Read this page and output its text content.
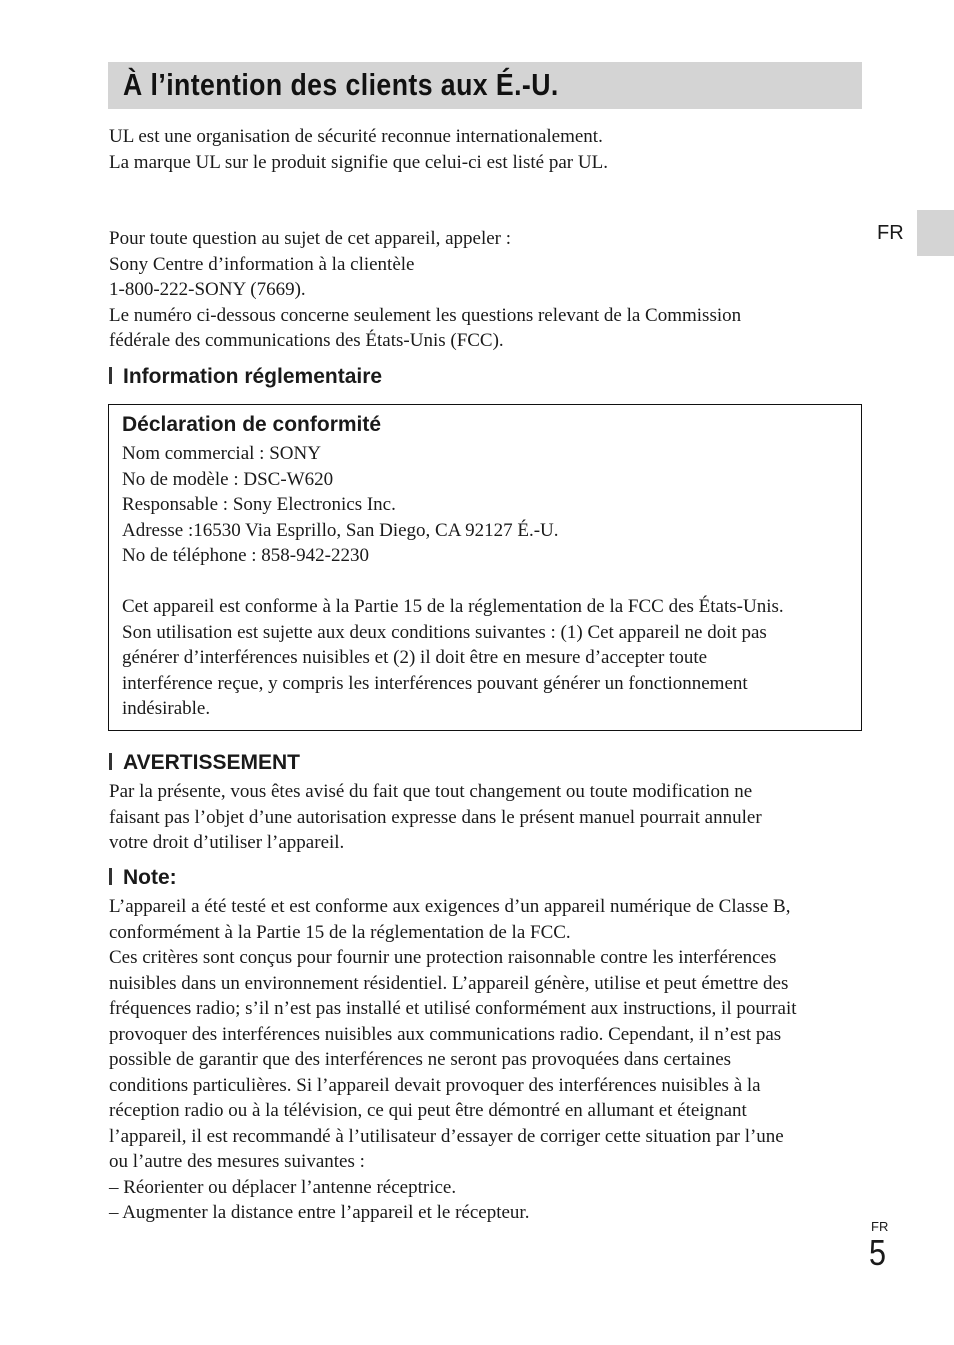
À l’intention des clients aux É.-U.
FR

UL est une organisation de sécurité reconnue internationalement.

La marque UL sur le produit signifie que celui-ci est listé par UL.

Pour toute question au sujet de cet appareil, appeler :

Sony Centre d’information à la clientèle

1-800-222-SONY (7669).

Le numéro ci-dessous concerne seulement les questions relevant de la Commission

fédérale des communications des États-Unis (FCC).

Information réglementaire
Déclaration de conformité

Nom commercial : SONY

No de modèle : DSC-W620

Responsable : Sony Electronics Inc.

Adresse :16530 Via Esprillo, San Diego, CA 92127 É.-U.

No de téléphone : 858-942-2230

Cet appareil est conforme à la Partie 15 de la réglementation de la FCC des États-Unis.

Son utilisation est sujette aux deux conditions suivantes : (1) Cet appareil ne doit pas

générer d’interférences nuisibles et (2) il doit être en mesure d’accepter toute

interférence reçue, y compris les interférences pouvant générer un fonctionnement

indésirable.

AVERTISSEMENT

Par la présente, vous êtes avisé du fait que tout changement ou toute modification ne

faisant pas l’objet d’une autorisation expresse dans le présent manuel pourrait annuler

votre droit d’utiliser l’appareil.

Note:

L’appareil a été testé et est conforme aux exigences d’un appareil numérique de Classe B,

conformément à la Partie 15 de la réglementation de la FCC.

Ces critères sont conçus pour fournir une protection raisonnable contre les interférences

nuisibles dans un environnement résidentiel. L’appareil génère, utilise et peut émettre des

fréquences radio; s’il n’est pas installé et utilisé conformément aux instructions, il pourrait

provoquer des interférences nuisibles aux communications radio. Cependant, il n’est pas

possible de garantir que des interférences ne seront pas provoquées dans certaines

conditions particulières. Si l’appareil devait provoquer des interférences nuisibles à la

réception radio ou à la télévision, ce qui peut être démontré en allumant et éteignant

l’appareil, il est recommandé à l’utilisateur d’essayer de corriger cette situation par l’une

ou l’autre des mesures suivantes :

– Réorienter ou déplacer l’antenne réceptrice.

– Augmenter la distance entre l’appareil et le récepteur.

FR
5
